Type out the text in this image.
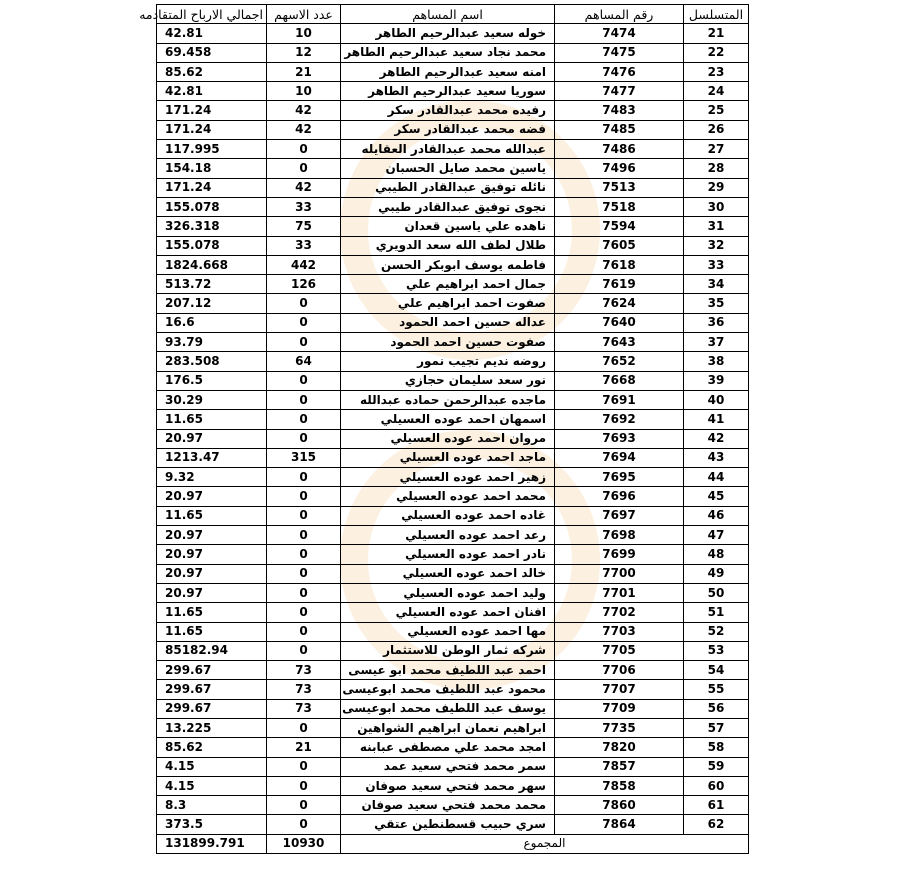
المتسلسل	رقم المساهم	اسم المساهم	عدد الاسهم	اجمالي الارباح المتقادمه
21	7474	خوله سعيد عبدالرحيم الطاهر	10	42.81
22	7475	محمد نجاد سعيد عبدالرحيم الطاهر	12	69.458
23	7476	امنه سعيد عبدالرحيم الطاهر	21	85.62
24	7477	سوريا سعيد عبدالرحيم الطاهر	10	42.81
25	7483	رفيده محمد عبدالقادر سكر	42	171.24
26	7485	فضه محمد عبدالقادر سكر	42	171.24
27	7486	عبدالله محمد عبدالقادر العقايله	0	117.995
28	7496	ياسين محمد صايل الحسبان	0	154.18
29	7513	نائله توفيق عبدالقادر الطيبي	42	171.24
30	7518	نجوى توفيق عبدالقادر طيبي	33	155.078
31	7594	ناهده علي ياسين قعدان	75	326.318
32	7605	طلال لطف الله سعد الدويري	33	155.078
33	7618	فاطمه يوسف ابوبكر الحسن	442	1824.668
34	7619	جمال احمد ابراهيم علي	126	513.72
35	7624	صفوت احمد ابراهيم علي	0	207.12
36	7640	عداله حسين احمد الحمود	0	16.6
37	7643	صفوت حسين احمد الحمود	0	93.79
38	7652	روضه نديم تجيب نمور	64	283.508
39	7668	نور سعد سليمان حجازي	0	176.5
40	7691	ماجده عبدالرحمن حماده عبدالله	0	30.29
41	7692	اسمهان احمد عوده العسيلي	0	11.65
42	7693	مروان احمد عوده العسيلي	0	20.97
43	7694	ماجد احمد عوده العسيلي	315	1213.47
44	7695	زهير احمد عوده العسيلي	0	9.32
45	7696	محمد احمد عوده العسيلي	0	20.97
46	7697	غاده احمد عوده العسيلي	0	11.65
47	7698	رعد احمد عوده العسيلي	0	20.97
48	7699	نادر احمد عوده العسيلي	0	20.97
49	7700	خالد احمد عوده العسيلي	0	20.97
50	7701	وليد احمد عوده العسيلي	0	20.97
51	7702	افنان احمد عوده العسيلي	0	11.65
52	7703	مها احمد عوده العسيلي	0	11.65
53	7705	شركه ثمار الوطن للاستثمار	0	85182.94
54	7706	احمد عبد اللطيف محمد ابو عيسى	73	299.67
55	7707	محمود عبد اللطيف محمد ابوعيسى	73	299.67
56	7709	يوسف عبد اللطيف محمد ابوعيسى	73	299.67
57	7735	ابراهيم نعمان ابراهيم الشواهين	0	13.225
58	7820	امجد محمد علي مصطفى عبابنه	21	85.62
59	7857	سمر محمد فتحي سعيد عمد	0	4.15
60	7858	سهر محمد فتحي سعيد صوفان	0	4.15
61	7860	محمد محمد فتحي سعيد صوفان	0	8.3
62	7864	سري حبيب قسطنطين عتقي	0	373.5
المجموع			10930	131899.791
